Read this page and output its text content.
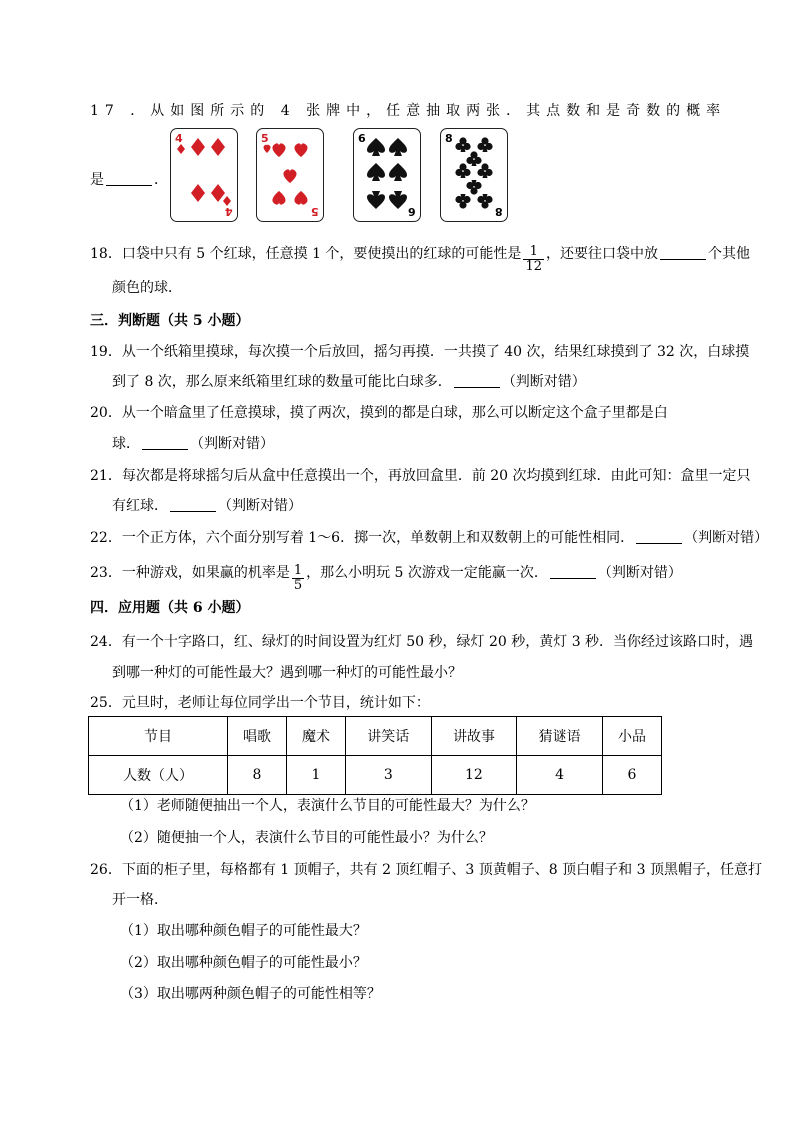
17 ．从如图所示的 4 张牌中，任意抽取两张．其点数和是奇数的概率
是	．
4
4
5
5
6
6
8
8
18．口袋中只有 5 个红球，任意摸 1 个，要使摸出的红球的可能性是 $\frac{1}{12}$ ，还要往口袋中放	个其他
颜色的球．
三．判断题（共 5 小题）
19．从一个纸箱里摸球，每次摸一个后放回，摇匀再摸．一共摸了 40 次，结果红球摸到了 32 次，白球摸
到了 8 次，那么原来纸箱里红球的数量可能比白球多．	（判断对错）
20．从一个暗盒里了任意摸球，摸了两次，摸到的都是白球，那么可以断定这个盒子里都是白
球．	（判断对错）
21．每次都是将球摇匀后从盒中任意摸出一个，再放回盒里．前 20 次均摸到红球．由此可知：盒里一定只
有红球．	（判断对错）
22．一个正方体，六个面分别写着 1～6．掷一次，单数朝上和双数朝上的可能性相同．	（判断对错）
23．一种游戏，如果赢的机率是 $\frac{1}{5}$ ，那么小明玩 5 次游戏一定能赢一次．	（判断对错）
四．应用题（共 6 小题）
24．有一个十字路口，红、绿灯的时间设置为红灯 50 秒，绿灯 20 秒，黄灯 3 秒．当你经过该路口时，遇
到哪一种灯的可能性最大？遇到哪一种灯的可能性最小？
25．元旦时，老师让每位同学出一个节目，统计如下：
节目	唱歌	魔术	讲笑话	讲故事	猜谜语	小品
人数（人）	8	1	3	12	4	6
（1）老师随便抽出一个人，表演什么节目的可能性最大？为什么？
（2）随便抽一个人，表演什么节目的可能性最小？为什么？
26．下面的柜子里，每格都有 1 顶帽子，共有 2 顶红帽子、3 顶黄帽子、8 顶白帽子和 3 顶黑帽子，任意打
开一格．
（1）取出哪种颜色帽子的可能性最大？
（2）取出哪种颜色帽子的可能性最小？
（3）取出哪两种颜色帽子的可能性相等？
